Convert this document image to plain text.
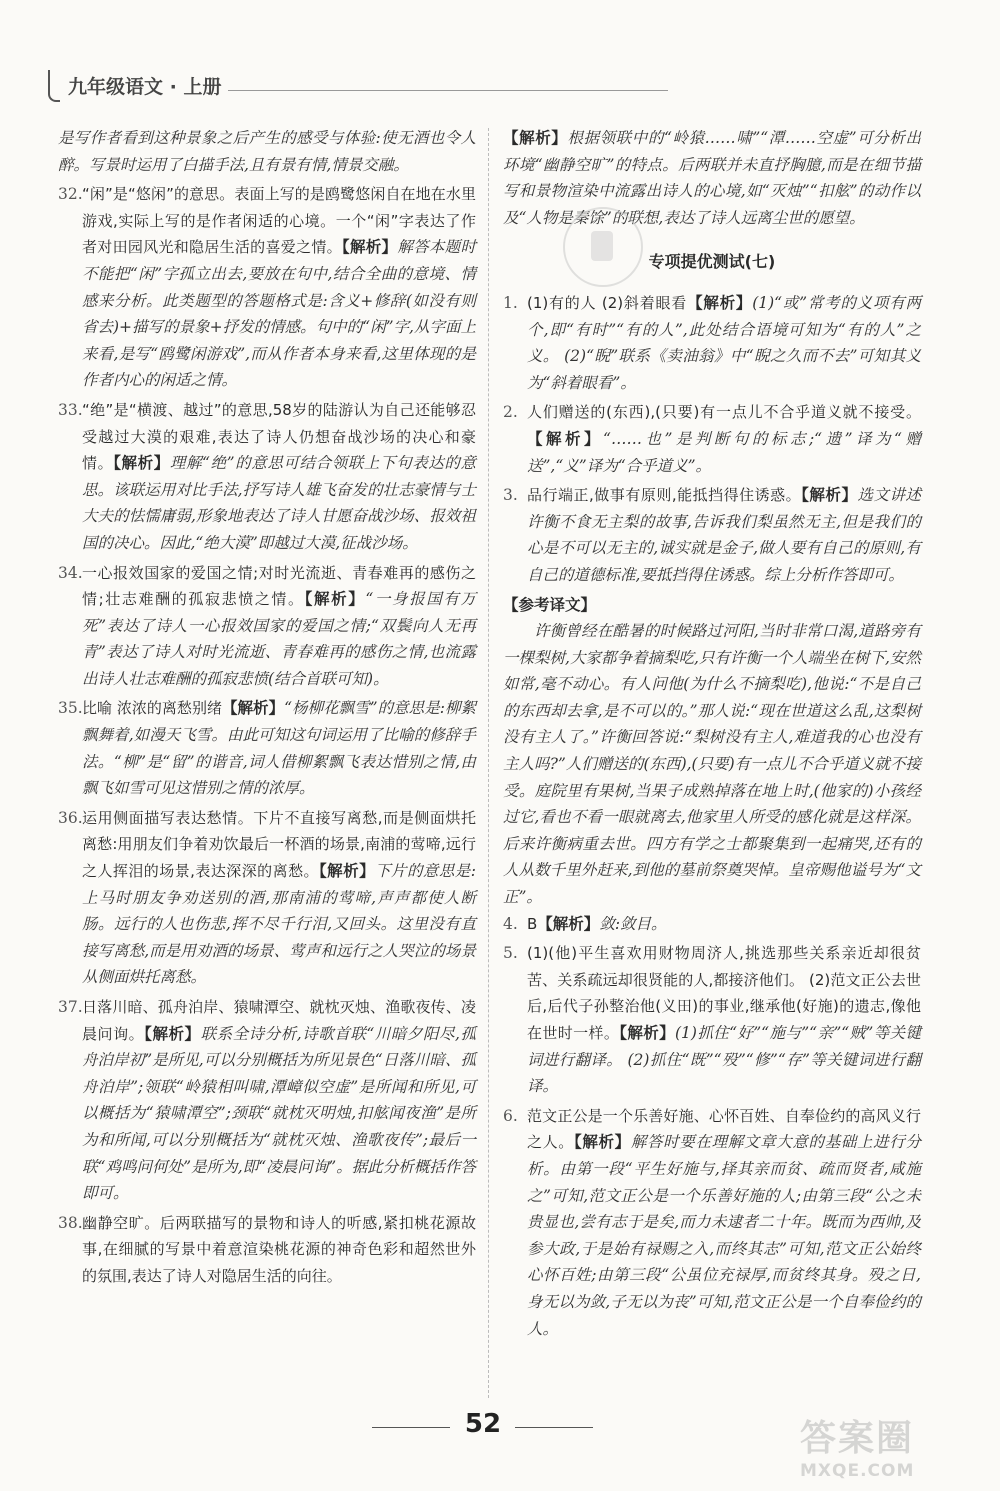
九年级语文 · 上册
是写作者看到这种景象之后产生的感受与体验:使无酒也令人醉。写景时运用了白描手法,且有景有情,情景交融。
32. “闲”是“悠闲”的意思。表面上写的是鸥鹭悠闲自在地在水里游戏,实际上写的是作者闲适的心境。一个“闲”字表达了作者对田园风光和隐居生活的喜爱之情。【解析】解答本题时不能把“闲”字孤立出去,要放在句中,结合全曲的意境、情感来分析。此类题型的答题格式是:含义+修辞(如没有则省去)+描写的景象+抒发的情感。句中的“闲”字,从字面上来看,是写“鸥鹭闲游戏”,而从作者本身来看,这里体现的是作者内心的闲适之情。
33. “绝”是“横渡、越过”的意思,58岁的陆游认为自己还能够忍受越过大漠的艰难,表达了诗人仍想奋战沙场的决心和豪情。【解析】理解“绝”的意思可结合领联上下句表达的意思。该联运用对比手法,抒写诗人雄飞奋发的壮志豪情与士大夫的怯懦庸弱,形象地表达了诗人甘愿奋战沙场、报效祖国的决心。因此,“绝大漠”即越过大漠,征战沙场。
34. 一心报效国家的爱国之情;对时光流逝、青春难再的感伤之情;壮志难酬的孤寂悲愤之情。【解析】“一身报国有万死”表达了诗人一心报效国家的爱国之情;“双鬓向人无再青”表达了诗人对时光流逝、青春难再的感伤之情,也流露出诗人壮志难酬的孤寂悲愤(结合首联可知)。
35. 比喻 浓浓的离愁别绪【解析】“杨柳花飘雪”的意思是:柳絮飘舞着,如漫天飞雪。由此可知这句词运用了比喻的修辞手法。“柳”是“留”的谐音,词人借柳絮飘飞表达惜别之情,由飘飞如雪可见这惜别之情的浓厚。
36. 运用侧面描写表达愁情。下片不直接写离愁,而是侧面烘托离愁:用朋友们争着劝饮最后一杯酒的场景,南浦的莺啼,远行之人挥泪的场景,表达深深的离愁。【解析】下片的意思是:上马时朋友争劝送别的酒,那南浦的莺啼,声声都使人断肠。远行的人也伤悲,挥不尽千行泪,又回头。这里没有直接写离愁,而是用劝酒的场景、莺声和远行之人哭泣的场景从侧面烘托离愁。
37. 日落川暗、孤舟泊岸、猿啸潭空、就枕灭烛、渔歌夜传、凌晨问询。【解析】联系全诗分析,诗歌首联“川暗夕阳尽,孤舟泊岸初”是所见,可以分别概括为所见景色“日落川暗、孤舟泊岸”;领联“岭猿相叫啸,潭嶂似空虚”是所闻和所见,可以概括为“猿啸潭空”;颈联“就枕灭明烛,扣舷闻夜渔”是所为和所闻,可以分别概括为“就枕灭烛、渔歌夜传”;最后一联“鸡鸣问何处”是所为,即“凌晨问询”。据此分析概括作答即可。
38. 幽静空旷。后两联描写的景物和诗人的听感,紧扣桃花源故事,在细腻的写景中着意渲染桃花源的神奇色彩和超然世外的氛围,表达了诗人对隐居生活的向往。
【解析】根据领联中的“岭猿……啸”“潭……空虚”可分析出环境“幽静空旷”的特点。后两联并未直抒胸臆,而是在细节描写和景物渲染中流露出诗人的心境,如“灭烛”“扣舷”的动作以及“人物是秦馀”的联想,表达了诗人远离尘世的愿望。
专项提优测试(七)
1. (1)有的人 (2)斜着眼看【解析】(1)“或”常考的义项有两个,即“有时”“有的人”,此处结合语境可知为“有的人”之义。 (2)“睨”联系《卖油翁》中“睨之久而不去”可知其义为“斜着眼看”。
2. 人们赠送的(东西),(只要)有一点儿不合乎道义就不接受。【解析】“……也”是判断句的标志;“遗”译为“赠送”,“义”译为“合乎道义”。
3. 品行端正,做事有原则,能抵挡得住诱惑。【解析】选文讲述许衡不食无主梨的故事,告诉我们梨虽然无主,但是我们的心是不可以无主的,诚实就是金子,做人要有自己的原则,有自己的道德标准,要抵挡得住诱惑。综上分析作答即可。
【参考译文】
许衡曾经在酷暑的时候路过河阳,当时非常口渴,道路旁有一棵梨树,大家都争着摘梨吃,只有许衡一个人端坐在树下,安然如常,毫不动心。有人问他(为什么不摘梨吃),他说:“不是自己的东西却去拿,是不可以的。”那人说:“现在世道这么乱,这梨树没有主人了。”许衡回答说:“梨树没有主人,难道我的心也没有主人吗?”人们赠送的(东西),(只要)有一点儿不合乎道义就不接受。庭院里有果树,当果子成熟掉落在地上时,(他家的)小孩经过它,看也不看一眼就离去,他家里人所受的感化就是这样深。后来许衡病重去世。四方有学之士都聚集到一起痛哭,还有的人从数千里外赶来,到他的墓前祭奠哭悼。皇帝赐他谥号为“文正”。
4. B【解析】敛:敛目。
5. (1)(他)平生喜欢用财物周济人,挑选那些关系亲近却很贫苦、关系疏远却很贤能的人,都接济他们。 (2)范文正公去世后,后代子孙整治他(义田)的事业,继承他(好施)的遗志,像他在世时一样。【解析】(1)抓住“好”“施与”“亲”“贼”等关键词进行翻译。 (2)抓住“既”“殁”“修”“存”等关键词进行翻译。
6. 范文正公是一个乐善好施、心怀百姓、自奉俭约的高风义行之人。【解析】解答时要在理解文章大意的基础上进行分析。由第一段“平生好施与,择其亲而贫、疏而贤者,咸施之”可知,范文正公是一个乐善好施的人;由第三段“公之未贵显也,尝有志于是矣,而力未逮者二十年。既而为西帅,及参大政,于是始有禄赐之入,而终其志”可知,范文正公始终心怀百姓;由第三段“公虽位充禄厚,而贫终其身。殁之日,身无以为敛,子无以为丧”可知,范文正公是一个自奉俭约的人。
52	答案圈
MXQE.COM
